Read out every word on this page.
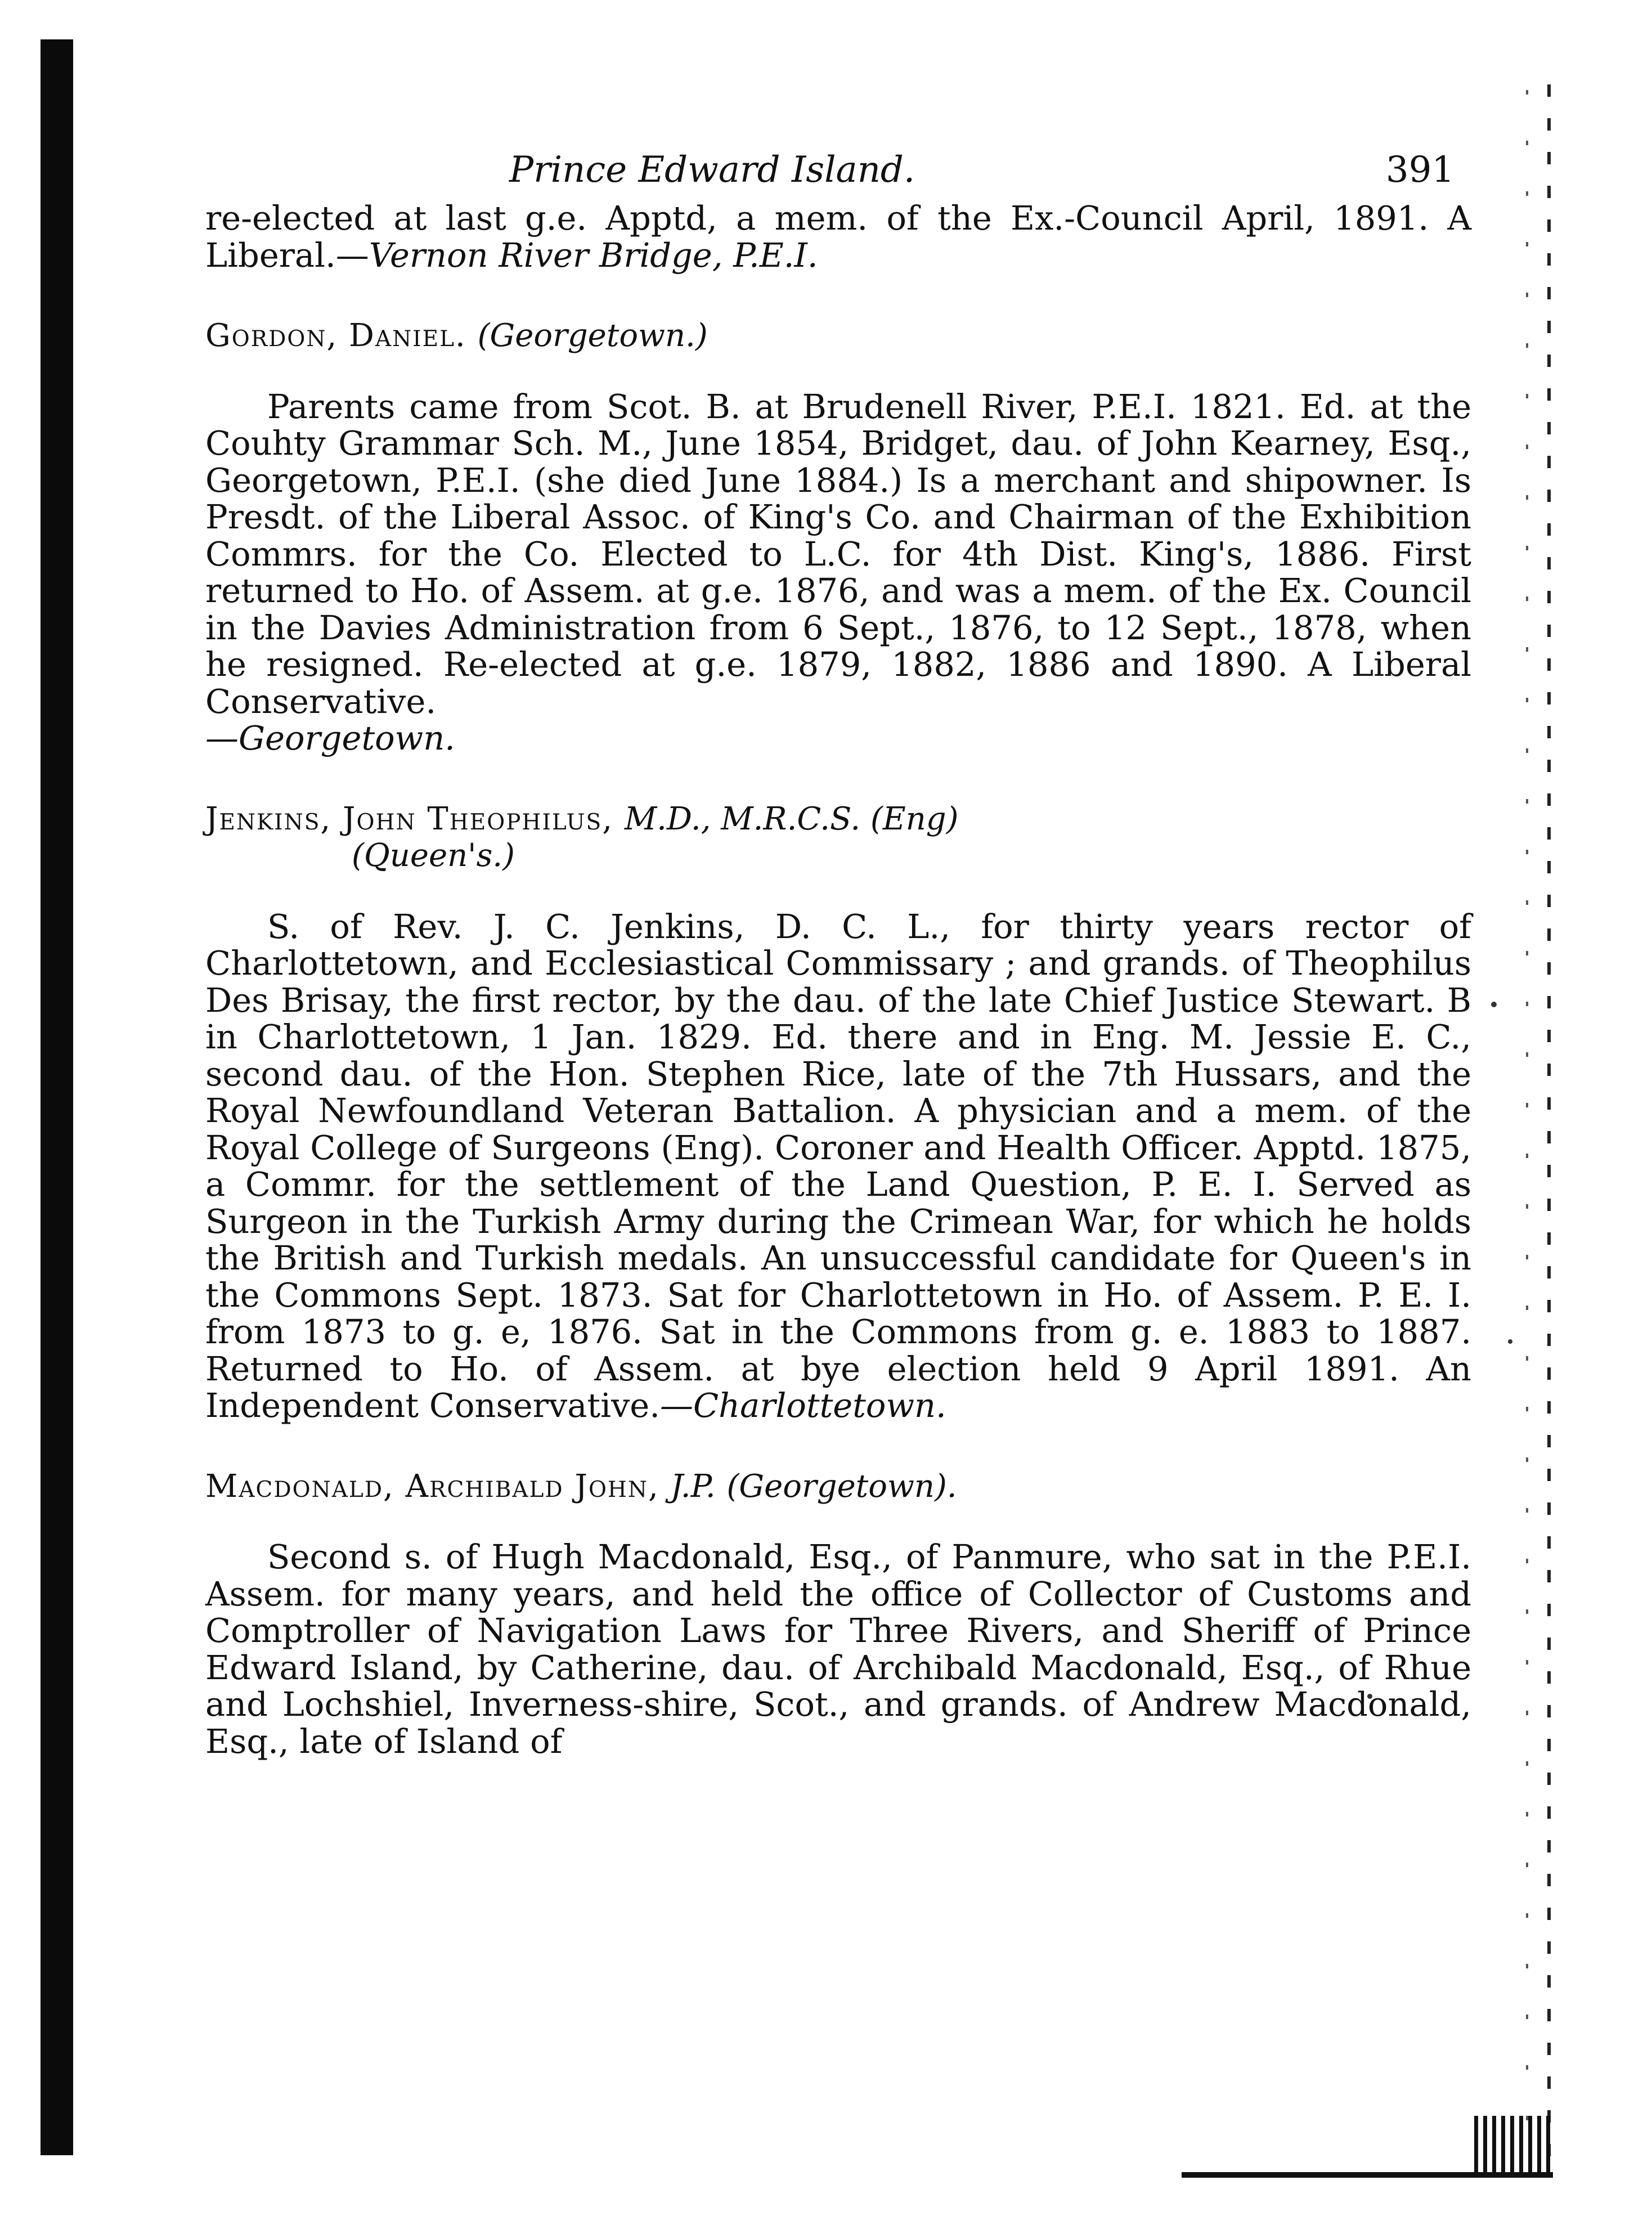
Prince Edward Island.	391

re-elected at last g.e. Apptd, a mem. of the Ex.-Council April, 1891. A Liberal.—Vernon River Bridge, P.E.I.

Gordon, Daniel. (Georgetown.)

Parents came from Scot. B. at Brudenell River, P.E.I. 1821. Ed. at the Couhty Grammar Sch. M., June 1854, Bridget, dau. of John Kearney, Esq., Georgetown, P.E.I. (she died June 1884.) Is a merchant and shipowner. Is Presdt. of the Liberal Assoc. of King's Co. and Chairman of the Exhibition Commrs. for the Co. Elected to L.C. for 4th Dist. King's, 1886. First returned to Ho. of Assem. at g.e. 1876, and was a mem. of the Ex. Council in the Davies Administration from 6 Sept., 1876, to 12 Sept., 1878, when he resigned. Re-elected at g.e. 1879, 1882, 1886 and 1890. A Liberal Conservative.
—Georgetown.

Jenkins, John Theophilus, M.D., M.R.C.S. (Eng)
(Queen's.)

S. of Rev. J. C. Jenkins, D. C. L., for thirty years rector of Charlottetown, and Ecclesiastical Commissary ; and grands. of Theophilus Des Brisay, the first rector, by the dau. of the late Chief Justice Stewart. B in Charlottetown, 1 Jan. 1829. Ed. there and in Eng. M. Jessie E. C., second dau. of the Hon. Stephen Rice, late of the 7th Hussars, and the Royal Newfoundland Veteran Battalion. A physician and a mem. of the Royal College of Surgeons (Eng). Coroner and Health Officer. Apptd. 1875, a Commr. for the settlement of the Land Question, P. E. I. Served as Surgeon in the Turkish Army during the Crimean War, for which he holds the British and Turkish medals. An unsuccessful candidate for Queen's in the Commons Sept. 1873. Sat for Charlottetown in Ho. of Assem. P. E. I. from 1873 to g. e, 1876. Sat in the Commons from g. e. 1883 to 1887. Returned to Ho. of Assem. at bye election held 9 April 1891. An Independent Conservative.—Charlottetown.

Macdonald, Archibald John, J.P. (Georgetown).

Second s. of Hugh Macdonald, Esq., of Panmure, who sat in the P.E.I. Assem. for many years, and held the office of Collector of Customs and Comptroller of Navigation Laws for Three Rivers, and Sheriff of Prince Edward Island, by Catherine, dau. of Archibald Macdonald, Esq., of Rhue and Lochshiel, Inverness-shire, Scot., and grands. of Andrew Macdonald, Esq., late of Island of
